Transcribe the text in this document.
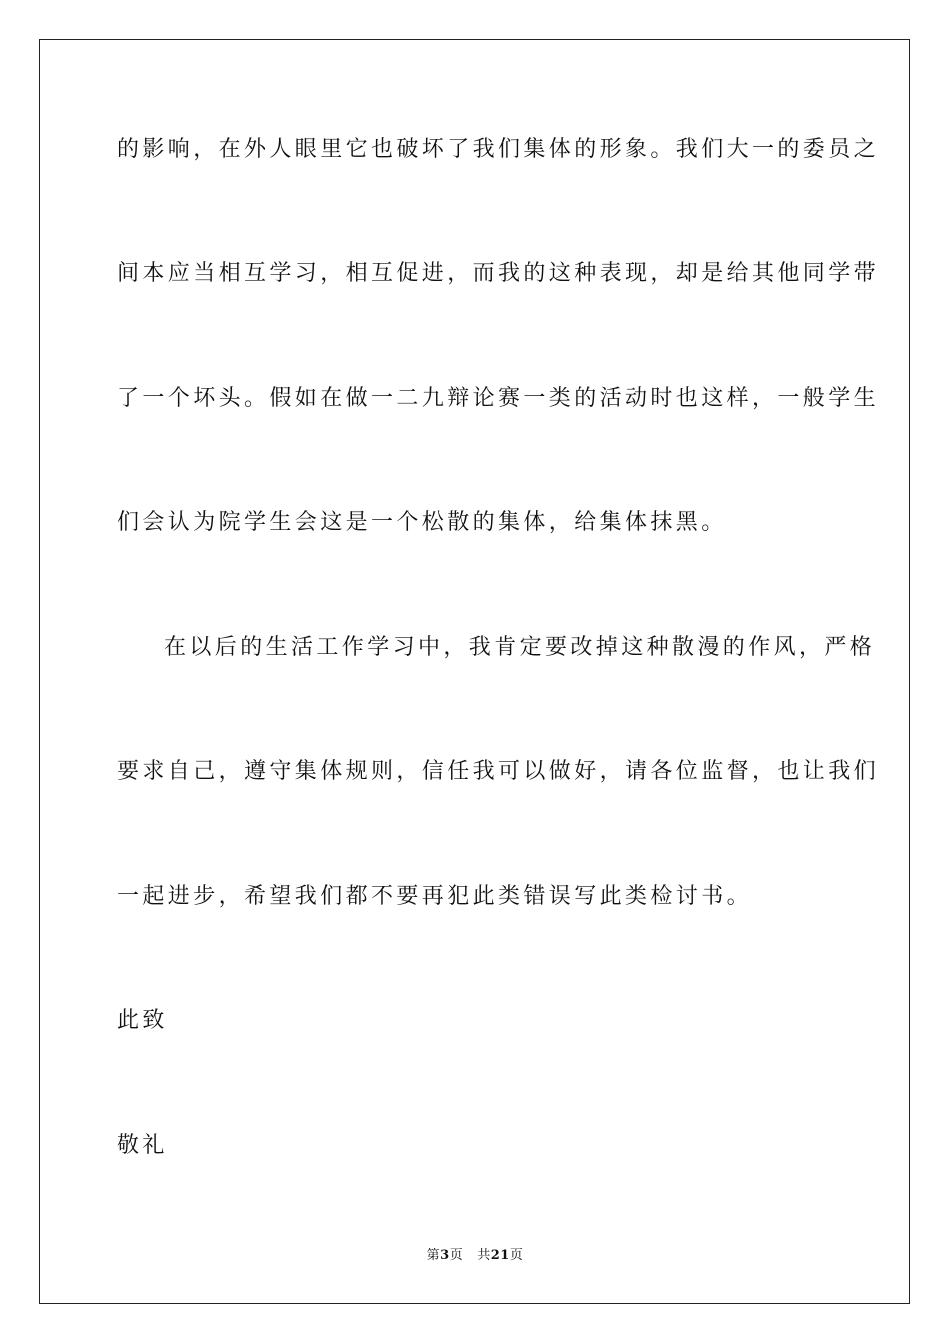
的影响，在外人眼里它也破坏了我们集体的形象。我们大一的委员之
间本应当相互学习，相互促进，而我的这种表现，却是给其他同学带
了一个坏头。假如在做一二九辩论赛一类的活动时也这样，一般学生
们会认为院学生会这是一个松散的集体，给集体抹黑。
在以后的生活工作学习中，我肯定要改掉这种散漫的作风，严格
要求自己，遵守集体规则，信任我可以做好，请各位监督，也让我们
一起进步，希望我们都不要再犯此类错误写此类检讨书。
此致
敬礼
第3页 共21页
